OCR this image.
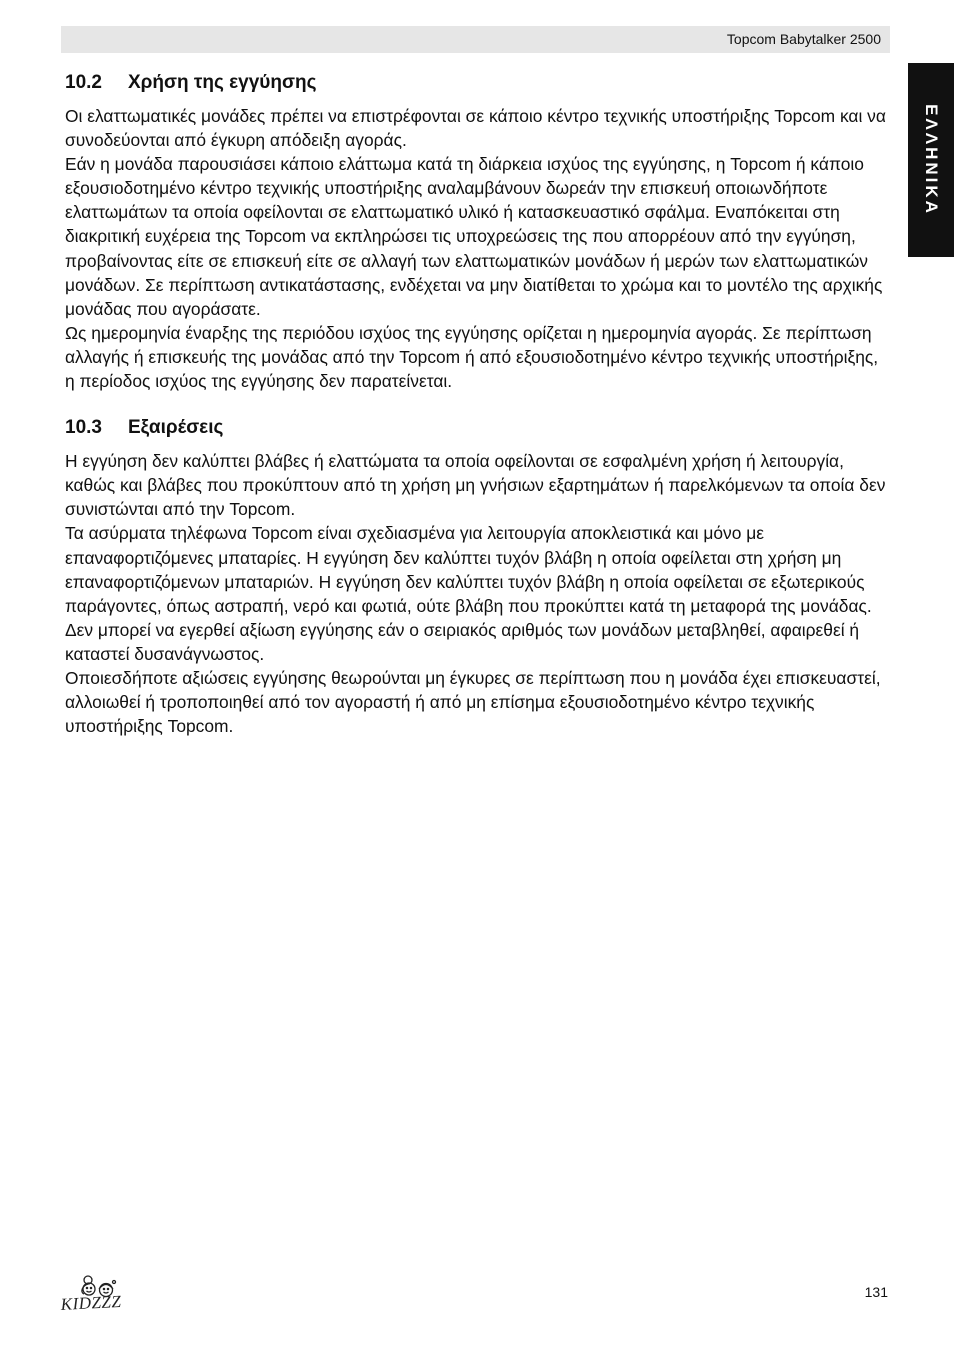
Topcom Babytalker 2500
ΕΛΛΗΝΙΚΑ
10.2 Χρήση της εγγύησης

Οι ελαττωματικές μονάδες πρέπει να επιστρέφονται σε κάποιο κέντρο τεχνικής υποστήριξης Topcom και να συνοδεύονται από έγκυρη απόδειξη αγοράς.

Εάν η μονάδα παρουσιάσει κάποιο ελάττωμα κατά τη διάρκεια ισχύος της εγγύησης, η Topcom ή κάποιο εξουσιοδοτημένο κέντρο τεχνικής υποστήριξης αναλαμβάνουν δωρεάν την επισκευή οποιωνδήποτε ελαττωμάτων τα οποία οφείλονται σε ελαττωματικό υλικό ή κατασκευαστικό σφάλμα. Εναπόκειται στη διακριτική ευχέρεια της Topcom να εκπληρώσει τις υποχρεώσεις της που απορρέουν από την εγγύηση, προβαίνοντας είτε σε επισκευή είτε σε αλλαγή των ελαττωματικών μονάδων ή μερών των ελαττωματικών μονάδων. Σε περίπτωση αντικατάστασης, ενδέχεται να μην διατίθεται το χρώμα και το μοντέλο της αρχικής μονάδας που αγοράσατε.

Ως ημερομηνία έναρξης της περιόδου ισχύος της εγγύησης ορίζεται η ημερομηνία αγοράς. Σε περίπτωση αλλαγής ή επισκευής της μονάδας από την Topcom ή από εξουσιοδοτημένο κέντρο τεχνικής υποστήριξης, η περίοδος ισχύος της εγγύησης δεν παρατείνεται.

10.3 Εξαιρέσεις

Η εγγύηση δεν καλύπτει βλάβες ή ελαττώματα τα οποία οφείλονται σε εσφαλμένη χρήση ή λειτουργία, καθώς και βλάβες που προκύπτουν από τη χρήση μη γνήσιων εξαρτημάτων ή παρελκόμενων τα οποία δεν συνιστώνται από την Topcom.

Τα ασύρματα τηλέφωνα Topcom είναι σχεδιασμένα για λειτουργία αποκλειστικά και μόνο με επαναφορτιζόμενες μπαταρίες. Η εγγύηση δεν καλύπτει τυχόν βλάβη η οποία οφείλεται στη χρήση μη επαναφορτιζόμενων μπαταριών. Η εγγύηση δεν καλύπτει τυχόν βλάβη η οποία οφείλεται σε εξωτερικούς παράγοντες, όπως αστραπή, νερό και φωτιά, ούτε βλάβη που προκύπτει κατά τη μεταφορά της μονάδας. Δεν μπορεί να εγερθεί αξίωση εγγύησης εάν ο σειριακός αριθμός των μονάδων μεταβληθεί, αφαιρεθεί ή καταστεί δυσανάγνωστος.

Οποιεσδήποτε αξιώσεις εγγύησης θεωρούνται μη έγκυρες σε περίπτωση που η μονάδα έχει επισκευαστεί, αλλοιωθεί ή τροποποιηθεί από τον αγοραστή ή από μη επίσημα εξουσιοδοτημένο κέντρο τεχνικής υποστήριξης Topcom.

KIDZZZ	131
